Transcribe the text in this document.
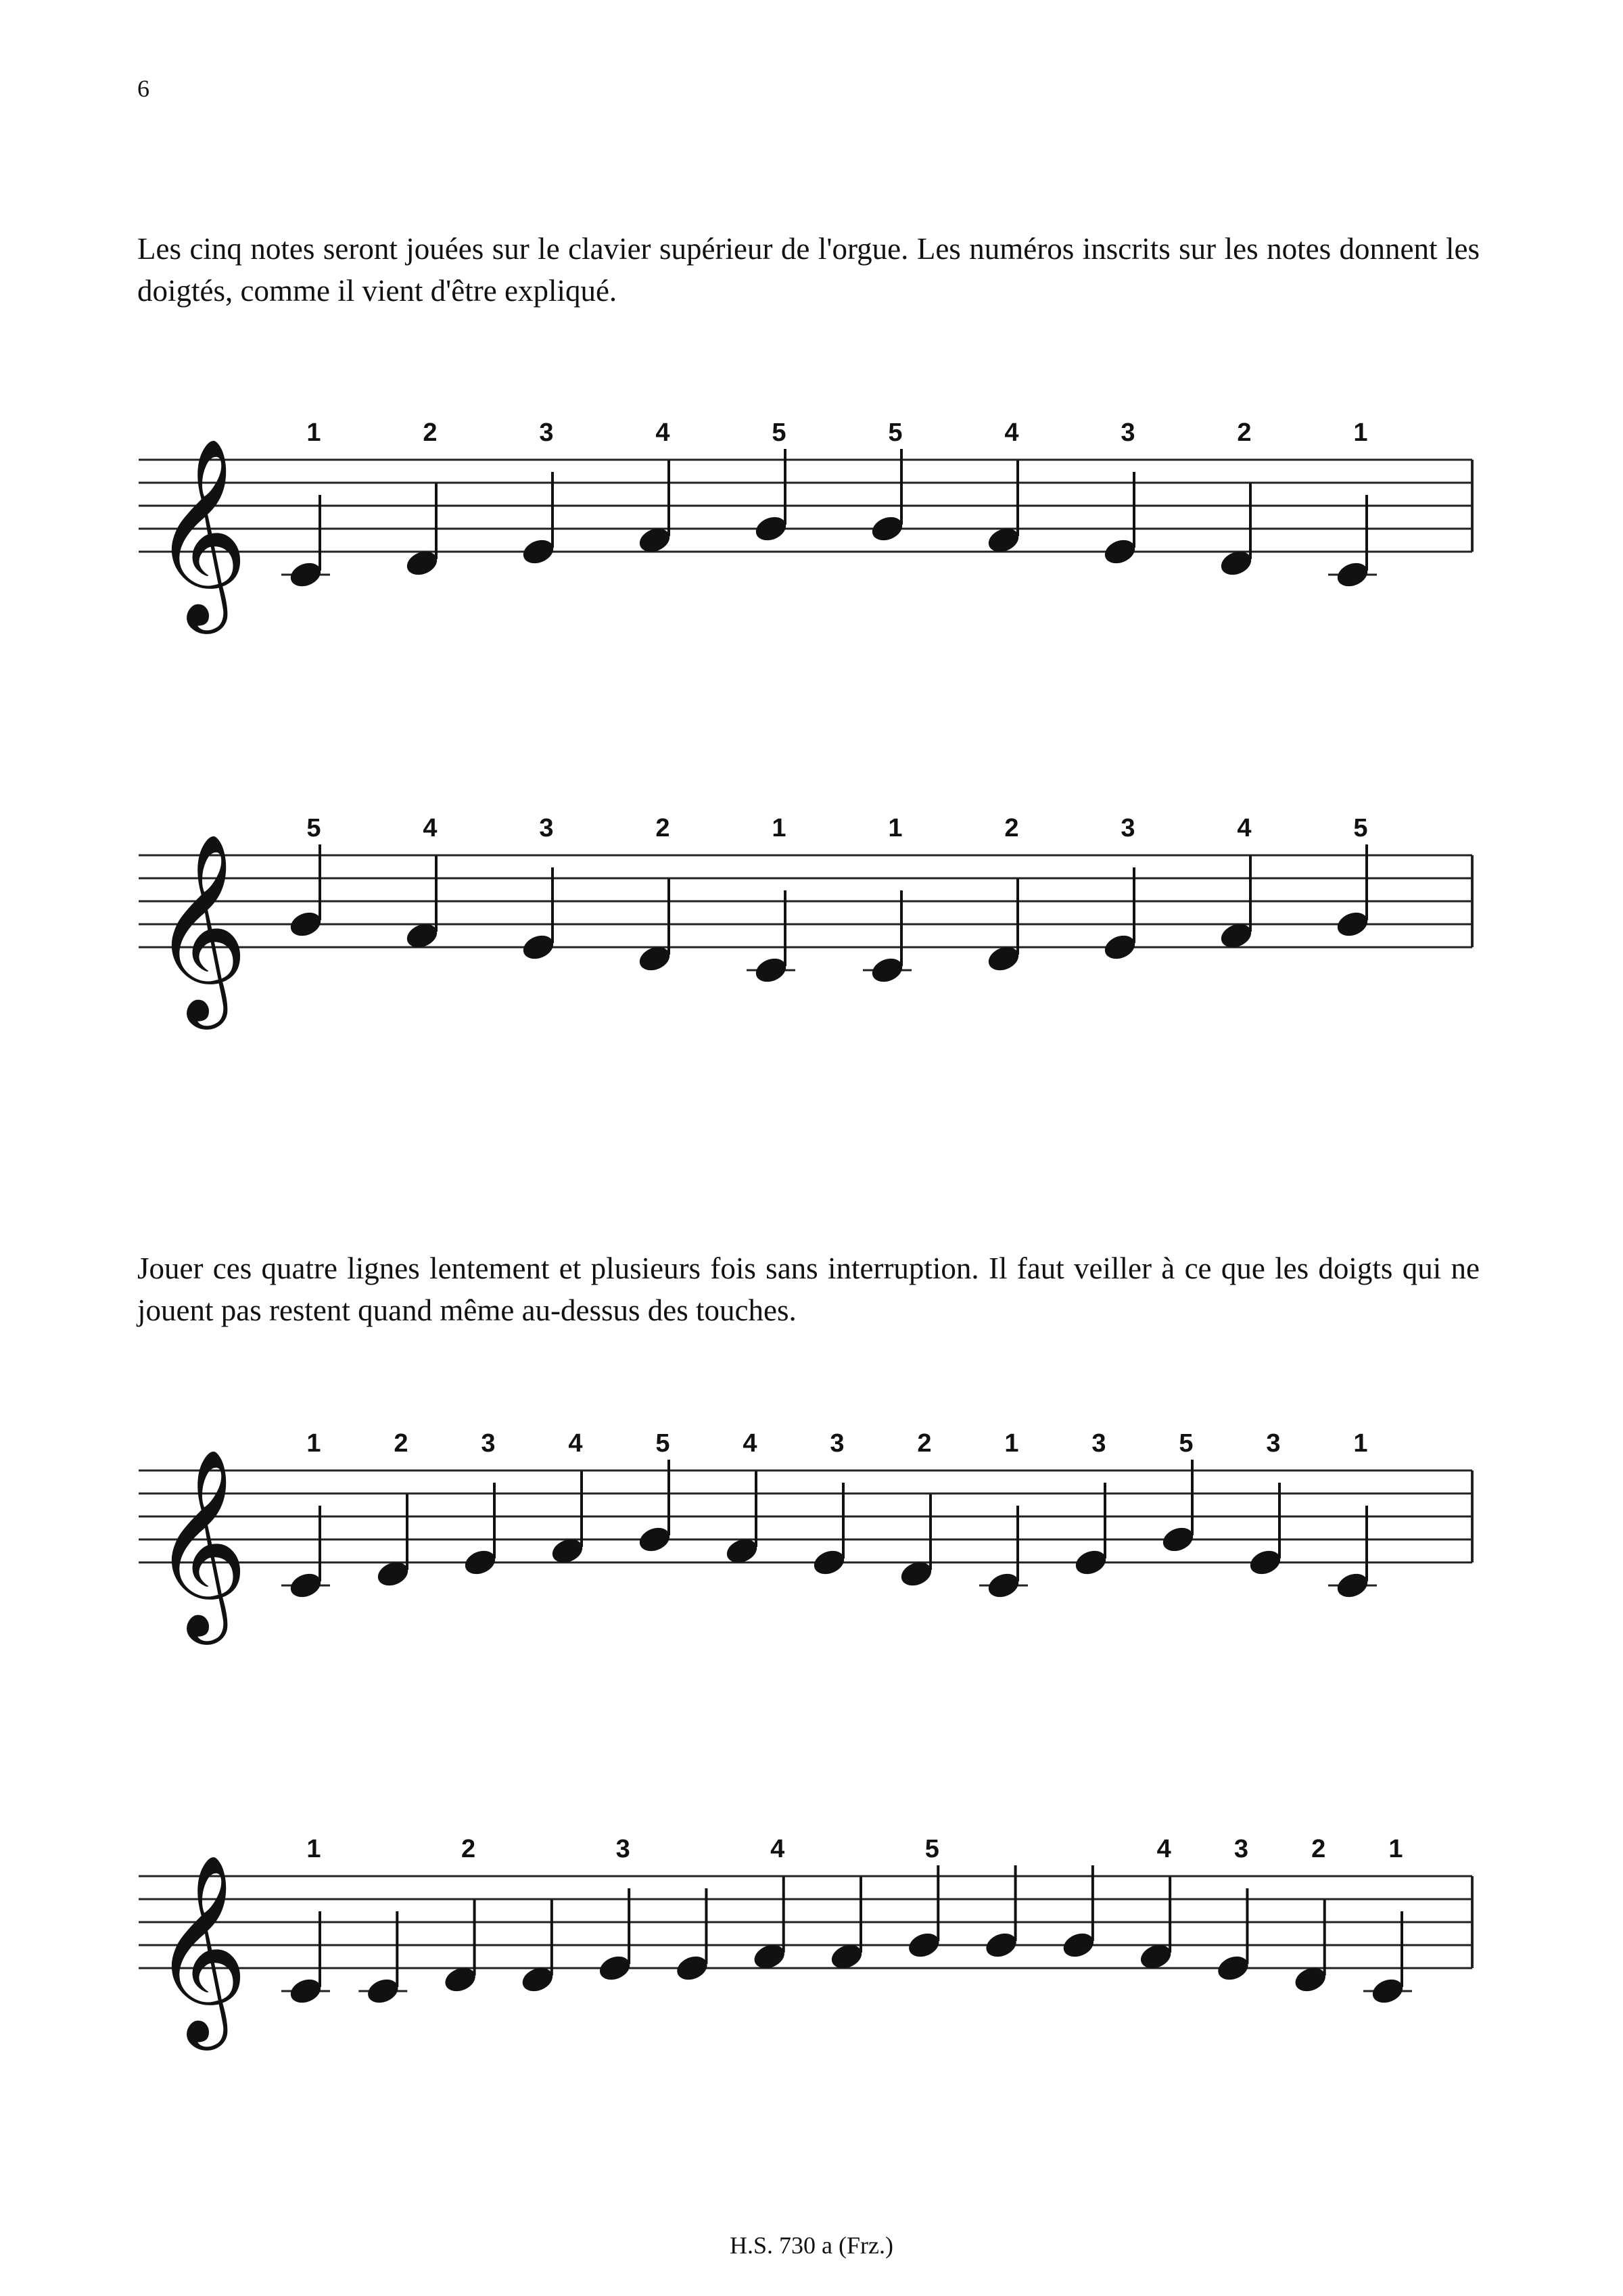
6

Les cinq notes seront jouées sur le clavier supérieur de l'orgue. Les numéros inscrits sur les notes donnent les doigtés, comme il vient d'être expliqué.

𝄞
1	2	3	4	5	5	4	3	2	1
𝄞
5	4	3	2	1	1	2	3	4	5

Jouer ces quatre lignes lentement et plusieurs fois sans interruption. Il faut veiller à ce que les doigts qui ne jouent pas restent quand même au-dessus des touches.

𝄞
1	2	3	4	5	4	3	2	1	3	5	3	1
𝄞
1	2	3	4	5	4 3 2 1
H.S. 730 a (Frz.)
